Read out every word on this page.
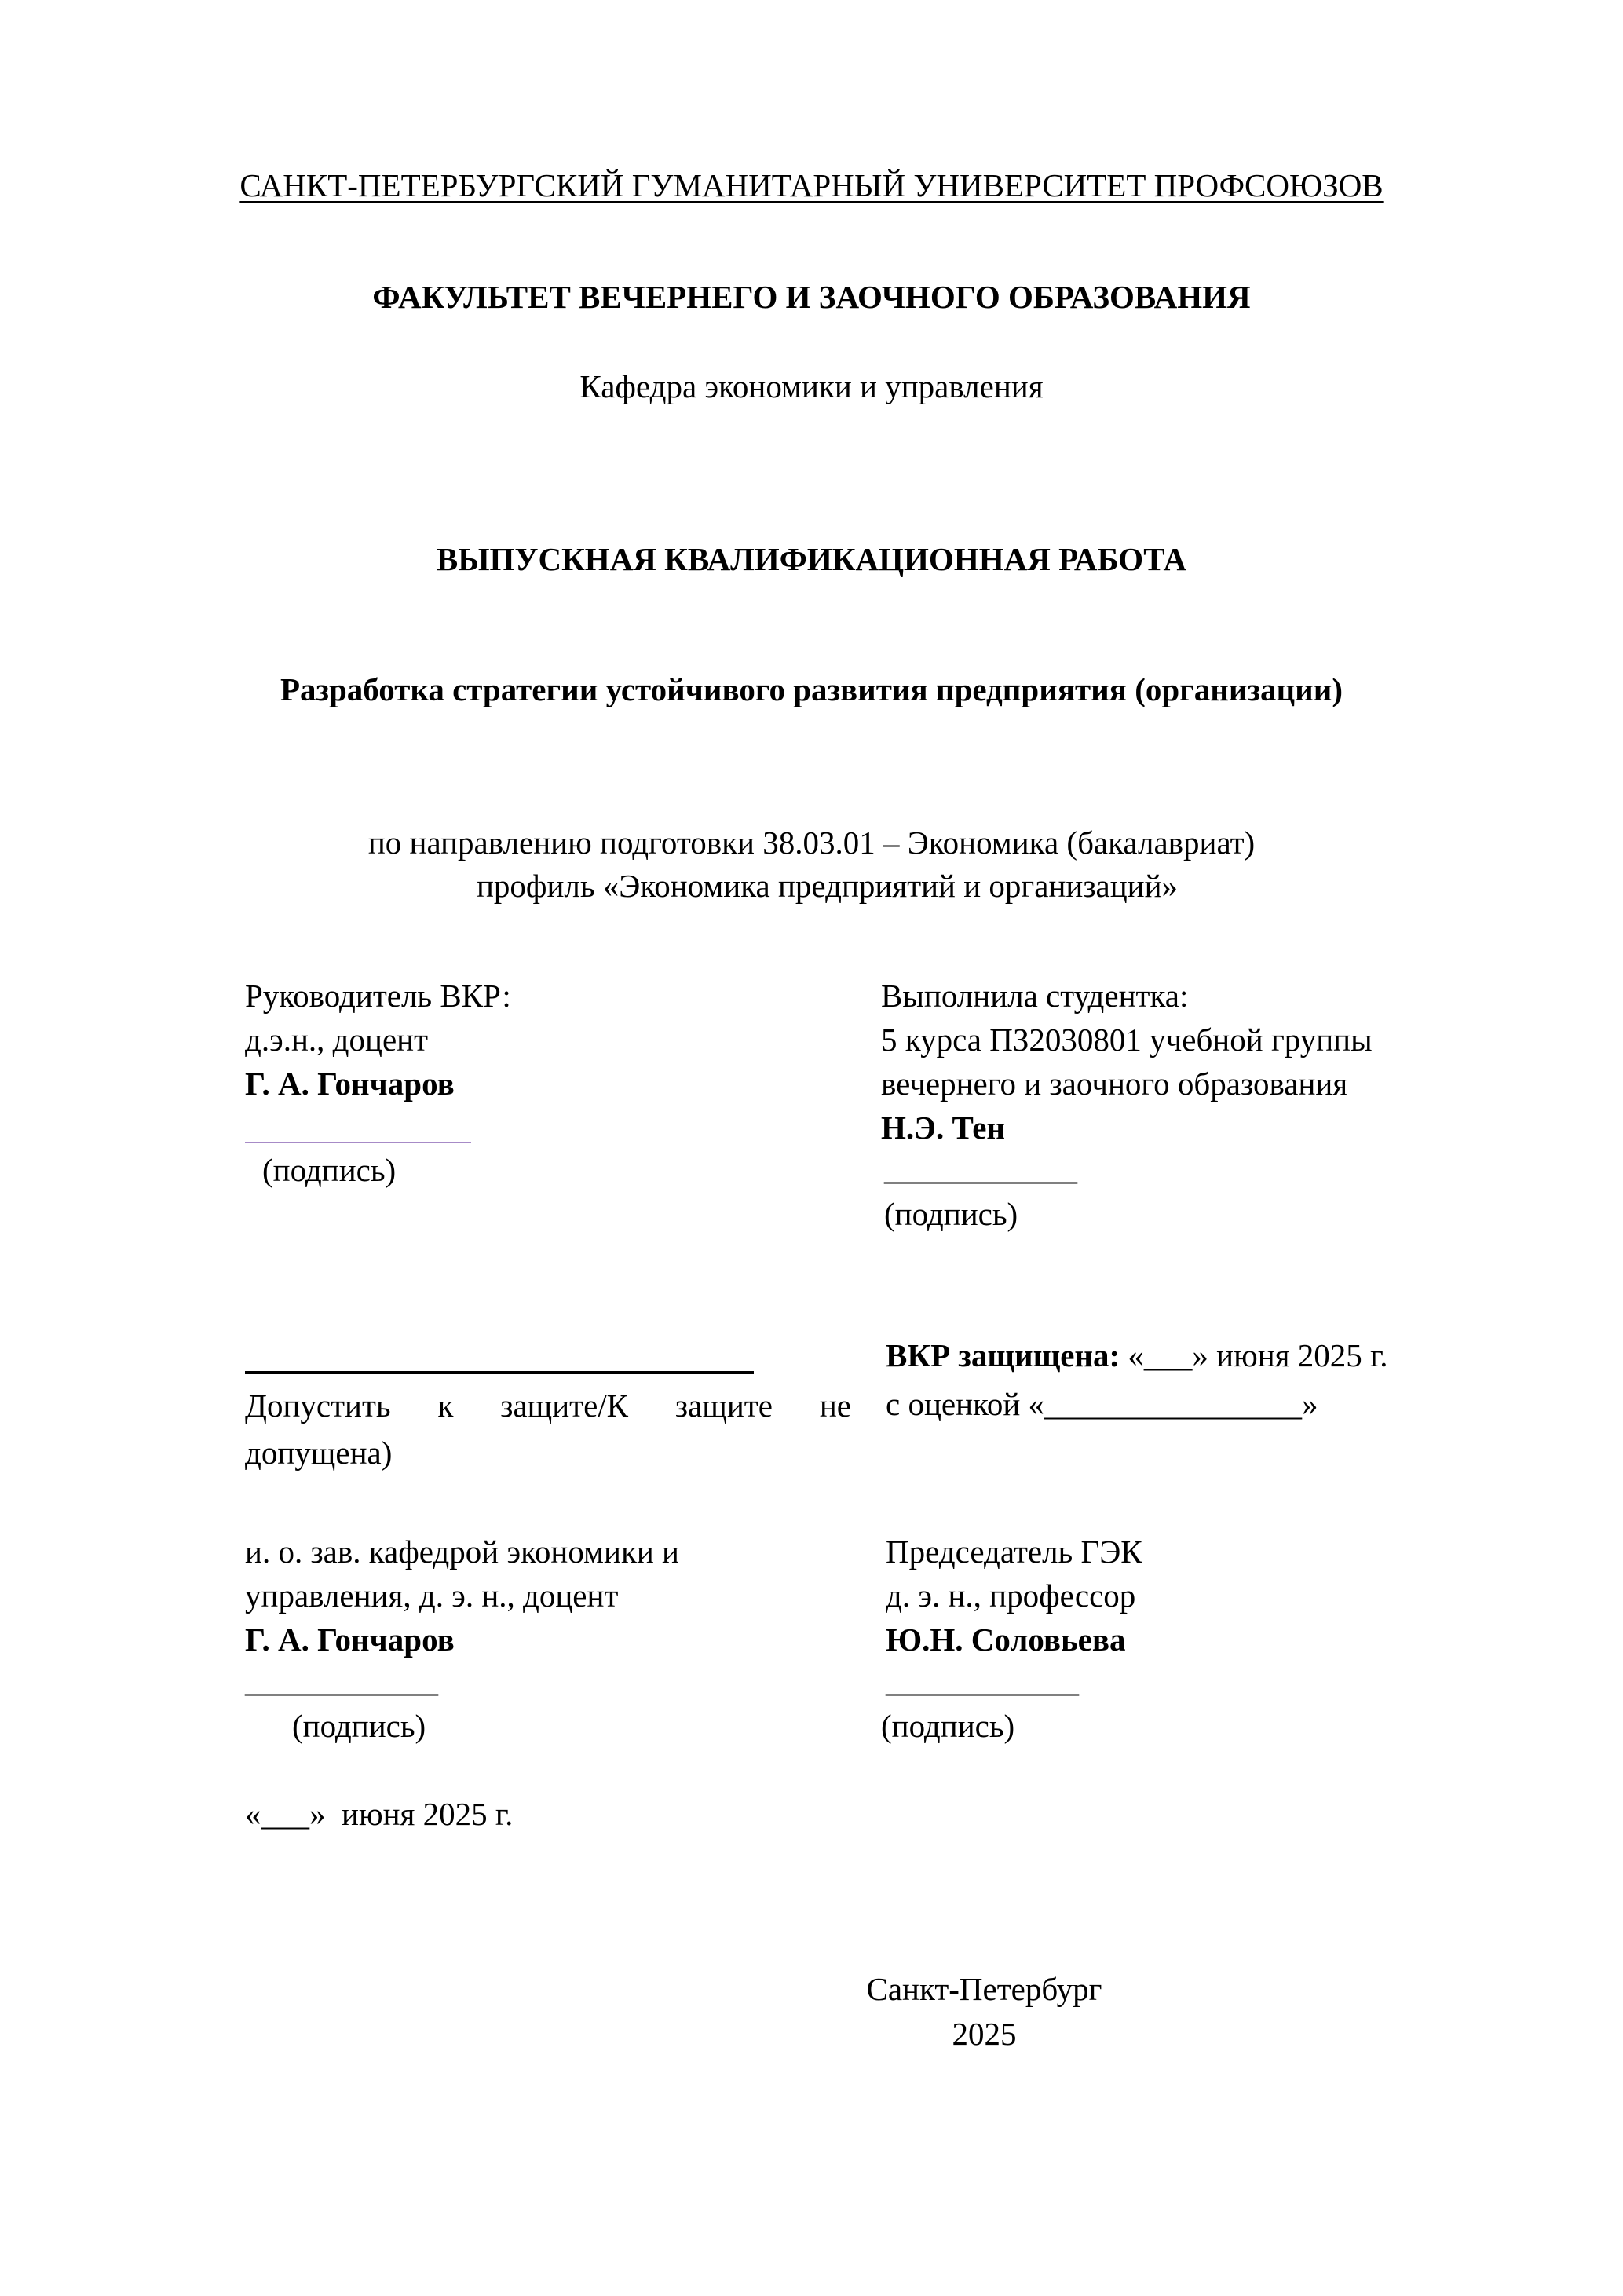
САНКТ-ПЕТЕРБУРГСКИЙ ГУМАНИТАРНЫЙ УНИВЕРСИТЕТ ПРОФСОЮЗОВ
ФАКУЛЬТЕТ ВЕЧЕРНЕГО И ЗАОЧНОГО ОБРАЗОВАНИЯ
Кафедра экономики и управления
ВЫПУСКНАЯ КВАЛИФИКАЦИОННАЯ РАБОТА
Разработка стратегии устойчивого развития предприятия (организации)
по направлению подготовки 38.03.01 – Экономика (бакалавриат)
профиль «Экономика предприятий и организаций»
Руководитель ВКР:
д.э.н., доцент
Г. А. Гончаров
(подпись)
Выполнила студентка:
5 курса ПЗ2030801 учебной группы
вечернего и заочного образования
Н.Э. Тен
____________
(подпись)
Допустить к защите/К защите не
допущена)
ВКР защищена: «___» июня 2025 г.
с оценкой «________________»
и. о. зав. кафедрой экономики и
управления, д. э. н., доцент
Г. А. Гончаров
____________
(подпись)
Председатель ГЭК
д. э. н., профессор
Ю.Н. Соловьева
____________
(подпись)
«___»  июня 2025 г.
Санкт-Петербург
2025
